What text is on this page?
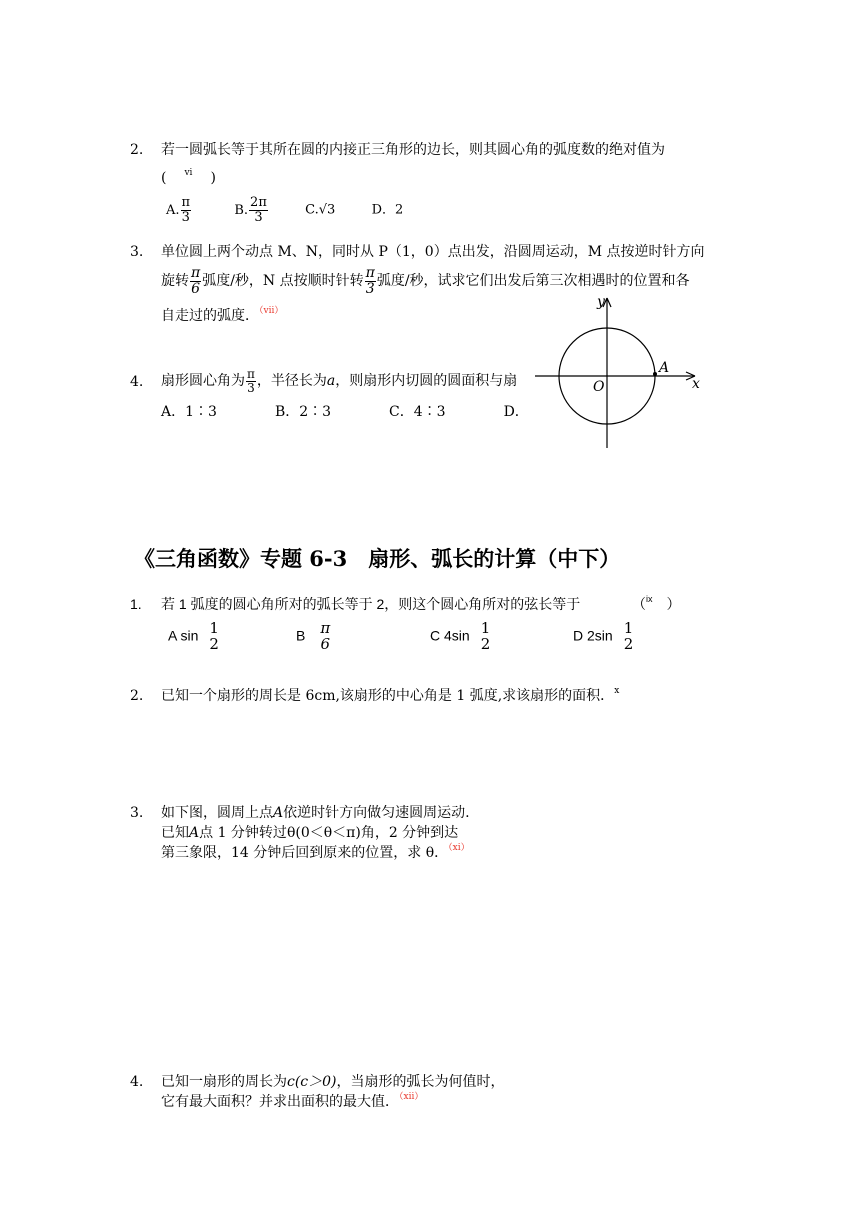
2. 若一圆弧长等于其所在圆的内接正三角形的边长，则其圆心角的弧度数的绝对值为
( $^{vi}$ )
A. $\frac{\pi}{3}$	B. $\frac{2\pi}{3}$	C.√3	D．2
3. 单位圆上两个动点 M、N，同时从 P（1，0）点出发，沿圆周运动，M 点按逆时针方向
旋转 $\frac{\pi}{6}$ 弧度/秒，N 点按顺时针转 $\frac{\pi}{3}$ 弧度/秒，试求它们出发后第三次相遇时的位置和各
自走过的弧度．$^{(vii)}$
4. 扇形圆心角为 $\frac{\pi}{3}$ ，半径长为a，则扇形内切圆的圆面积与扇
A．1∶3	B．2∶3	C．4∶3	D．
y
x
O
A
《三角函数》专题 6-3　扇形、弧长的计算（中下）
1. 若 1 弧度的圆心角所对的弧长等于 2，则这个圆心角所对的弦长等于	（$^{ix}$ ）
A sin 1
2	B π
6	C 4sin 1
2	D 2sin 1
2
2. 已知一个扇形的周长是 6cm,该扇形的中心角是 1 弧度,求该扇形的面积．$^x$
3. 如下图，圆周上点A依逆时针方向做匀速圆周运动.
已知A点 1 分钟转过θ(0＜θ＜π)角，2 分钟到达
第三象限，14 分钟后回到原来的位置，求 θ．$^{(xi)}$
4. 已知一扇形的周长为c(c＞0)，当扇形的弧长为何值时，
它有最大面积？并求出面积的最大值．$^{(xii)}$
